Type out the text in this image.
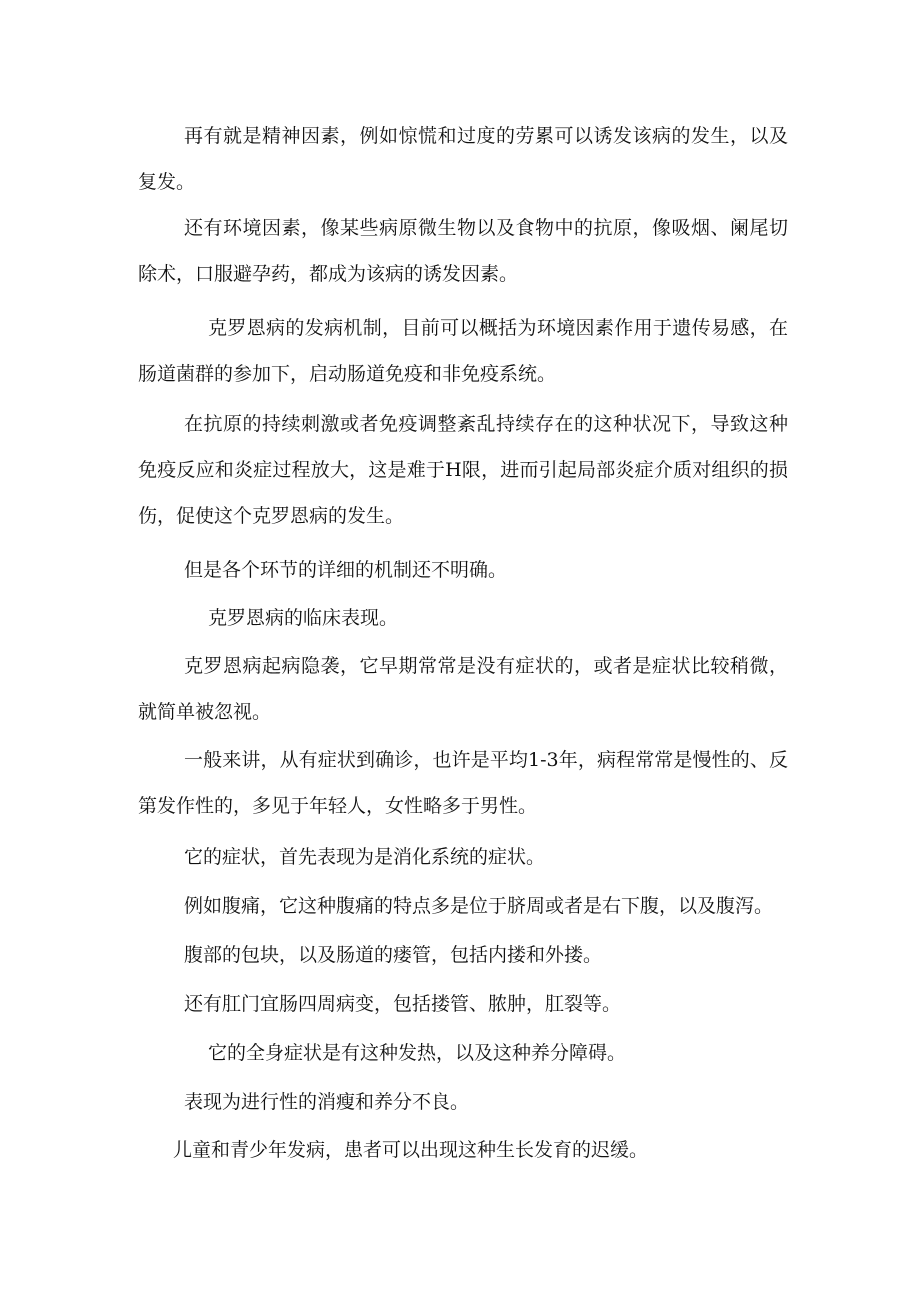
再有就是精神因素，例如惊慌和过度的劳累可以诱发该病的发生，以及复发。

还有环境因素，像某些病原微生物以及食物中的抗原，像吸烟、阑尾切除术，口服避孕药，都成为该病的诱发因素。

克罗恩病的发病机制，目前可以概括为环境因素作用于遗传易感，在肠道菌群的参加下，启动肠道免疫和非免疫系统。

在抗原的持续刺激或者免疫调整紊乱持续存在的这种状况下，导致这种免疫反应和炎症过程放大，这是难于H限，进而引起局部炎症介质对组织的损伤，促使这个克罗恩病的发生。

但是各个环节的详细的机制还不明确。

克罗恩病的临床表现。

克罗恩病起病隐袭，它早期常常是没有症状的，或者是症状比较稍微，就简单被忽视。

一般来讲，从有症状到确诊，也许是平均1-3年，病程常常是慢性的、反第发作性的，多见于年轻人，女性略多于男性。

它的症状，首先表现为是消化系统的症状。

例如腹痛，它这种腹痛的特点多是位于脐周或者是右下腹，以及腹泻。

腹部的包块，以及肠道的瘘管，包括内搂和外搂。

还有肛门宜肠四周病变，包括搂管、脓肿，肛裂等。

它的全身症状是有这种发热，以及这种养分障碍。

表现为进行性的消瘦和养分不良。

儿童和青少年发病，患者可以出现这种生长发育的迟缓。
